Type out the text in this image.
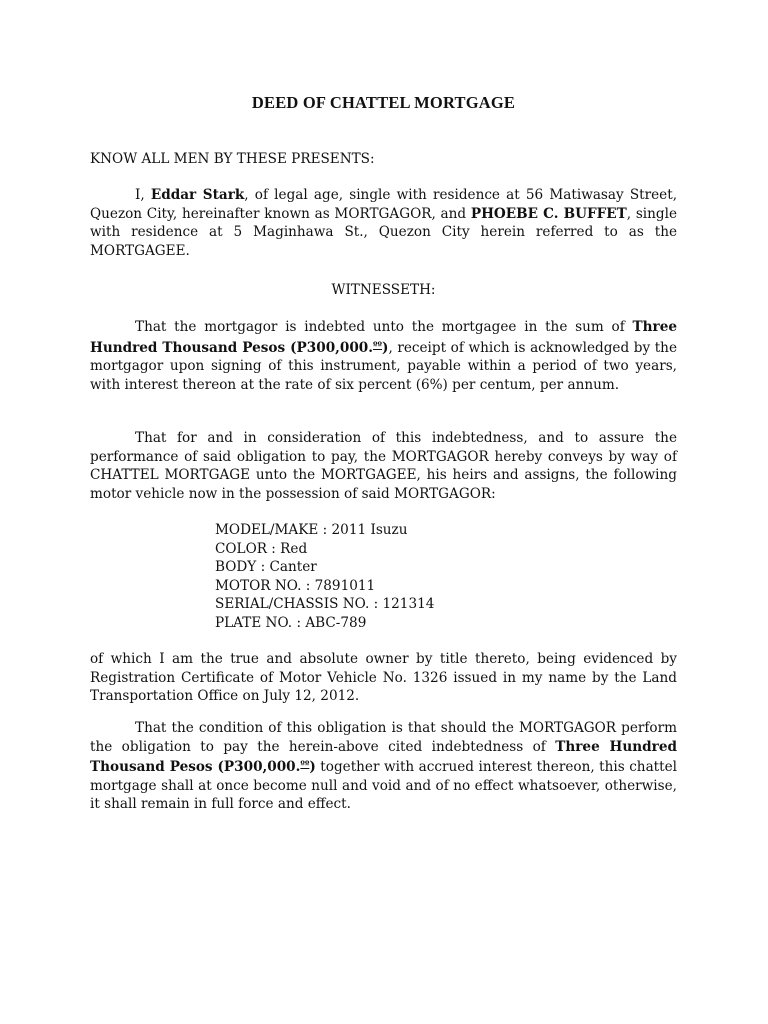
DEED OF CHATTEL MORTGAGE
KNOW ALL MEN BY THESE PRESENTS:
I, Eddar Stark, of legal age, single with residence at 56 Matiwasay Street, Quezon City, hereinafter known as MORTGAGOR, and PHOEBE C. BUFFET, single with residence at 5 Maginhawa St., Quezon City herein referred to as the MORTGAGEE.
WITNESSETH:
That the mortgagor is indebted unto the mortgagee in the sum of Three Hundred Thousand Pesos (P300,000.$^{ºº}$), receipt of which is acknowledged by the mortgagor upon signing of this instrument, payable within a period of two years, with interest thereon at the rate of six percent (6%) per centum, per annum.
That for and in consideration of this indebtedness, and to assure the performance of said obligation to pay, the MORTGAGOR hereby conveys by way of CHATTEL MORTGAGE unto the MORTGAGEE, his heirs and assigns, the following motor vehicle now in the possession of said MORTGAGOR:
MODEL/MAKE : 2011 Isuzu
COLOR : Red
BODY : Canter
MOTOR NO. : 7891011
SERIAL/CHASSIS NO. : 121314
PLATE NO. : ABC-789
of which I am the true and absolute owner by title thereto, being evidenced by Registration Certificate of Motor Vehicle No. 1326 issued in my name by the Land Transportation Office on July 12, 2012.
That the condition of this obligation is that should the MORTGAGOR perform the obligation to pay the herein-above cited indebtedness of Three Hundred Thousand Pesos (P300,000.$^{ºº}$) together with accrued interest thereon, this chattel mortgage shall at once become null and void and of no effect whatsoever, otherwise, it shall remain in full force and effect.
